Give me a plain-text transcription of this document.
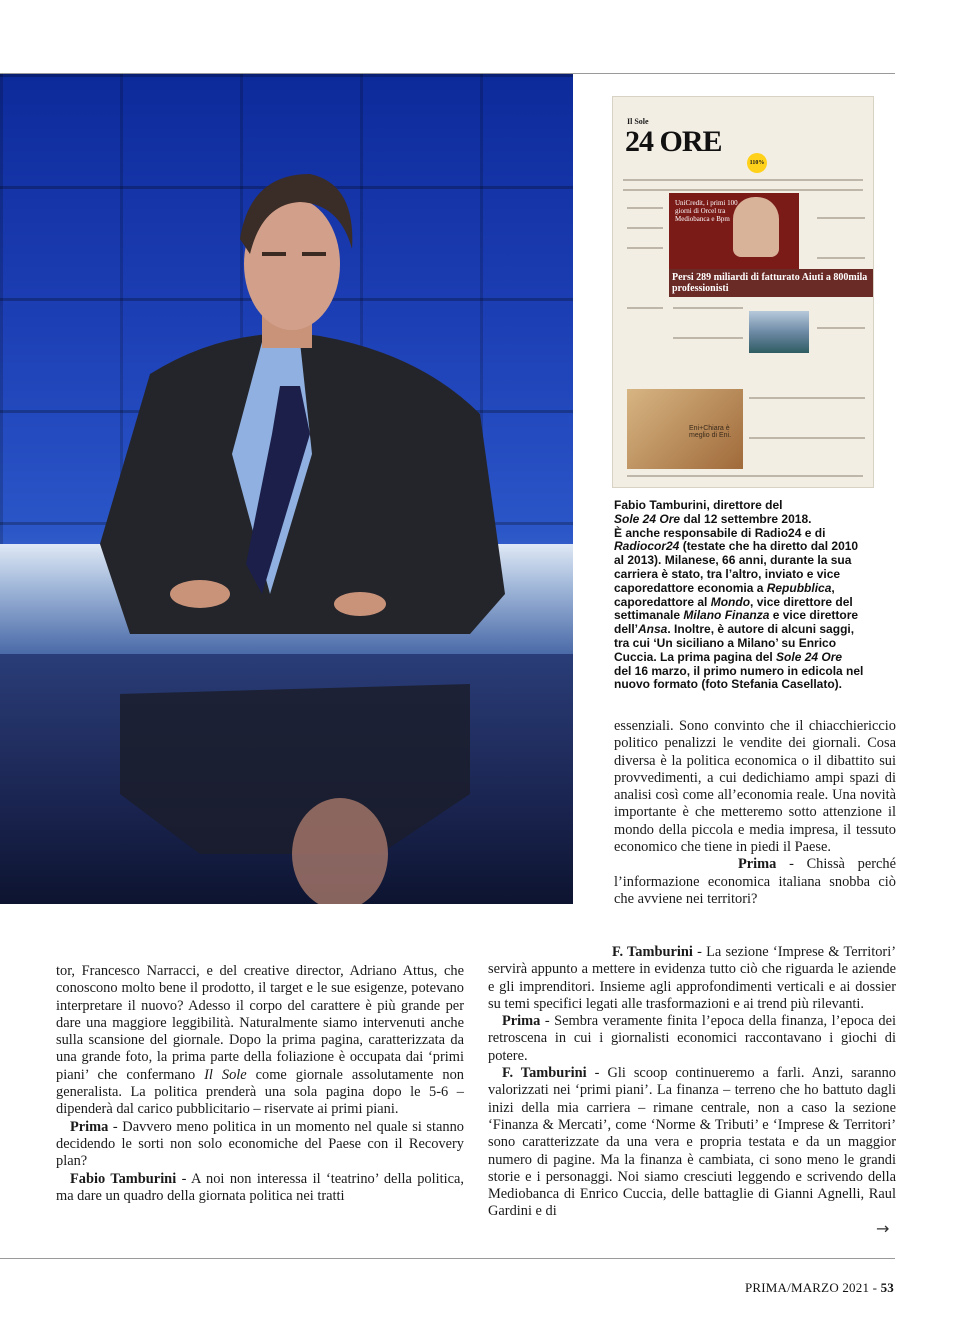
Il Sole
24 ORE
110%
UniCredit, i primi 100 giorni di Orcel tra Mediobanca e Bpm
Persi 289 miliardi di fatturato Aiuti a 800mila professionisti
Eni+Chiara è meglio di Eni.

Fabio Tamburini, direttore del

Sole 24 Ore dal 12 settembre 2018.

È anche responsabile di Radio24 e di

Radiocor24 (testate che ha diretto dal 2010

al 2013). Milanese, 66 anni, durante la sua

carriera è stato, tra l’altro, inviato e vice

caporedattore economia a Repubblica,

caporedattore al Mondo, vice direttore del

settimanale Milano Finanza e vice direttore

dell’Ansa. Inoltre, è autore di alcuni saggi,

tra cui ‘Un siciliano a Milano’ su Enrico

Cuccia. La prima pagina del Sole 24 Ore

del 16 marzo, il primo numero in edicola nel

nuovo formato (foto Stefania Casellato).

essenziali. Sono convinto che il chiacchiericcio politico penalizzi le vendite dei giornali. Cosa diversa è la politica economica o il dibattito sui provvedimenti, a cui dedichiamo ampi spazi di analisi così come all’economia reale. Una novità importante è che metteremo sotto attenzione il mondo della piccola e media impresa, il tessuto economico che tiene in piedi il Paese.

Prima - Chissà perché l’informazione economica italiana snobba ciò che avviene nei territori?

F. Tamburini - La sezione ‘Imprese & Territori’ servirà appunto a mettere in evidenza tutto ciò che riguarda le aziende e gli imprenditori. Insieme agli approfondimenti verticali e ai dossier su temi specifici legati alle trasformazioni e ai trend più rilevanti.

Prima - Sembra veramente finita l’epoca della finanza, l’epoca dei retroscena in cui i giornalisti economici raccontavano i giochi di potere.

F. Tamburini - Gli scoop continueremo a farli. Anzi, saranno valorizzati nei ‘primi piani’. La finanza – terreno che ho battuto dagli inizi della mia carriera – rimane centrale, non a caso la sezione ‘Finanza & Mercati’, come ‘Norme & Tributi’ e ‘Imprese & Territori’ sono caratterizzate da una vera e propria testata e da un maggior numero di pagine. Ma la finanza è cambiata, ci sono meno le grandi storie e i personaggi. Noi siamo cresciuti leggendo e scrivendo della Mediobanca di Enrico Cuccia, delle battaglie di Gianni Agnelli, Raul Gardini e di

→

tor, Francesco Narracci, e del creative director, Adriano Attus, che conoscono molto bene il prodotto, il target e le sue esigenze, potevano interpretare il nuovo? Adesso il corpo del carattere è più grande per dare una maggiore leggibilità. Naturalmente siamo intervenuti anche sulla scansione del giornale. Dopo la prima pagina, caratterizzata da una grande foto, la prima parte della foliazione è occupata dai ‘primi piani’ che confermano Il Sole come giornale assolutamente non generalista. La politica prenderà una sola pagina dopo le 5-6 – dipenderà dal carico pubblicitario – riservate ai primi piani.

Prima - Davvero meno politica in un momento nel quale si stanno decidendo le sorti non solo economiche del Paese con il Recovery plan?

Fabio Tamburini - A noi non interessa il ‘teatrino’ della politica, ma dare un quadro della giornata politica nei tratti

PRIMA/MARZO 2021 - 53
